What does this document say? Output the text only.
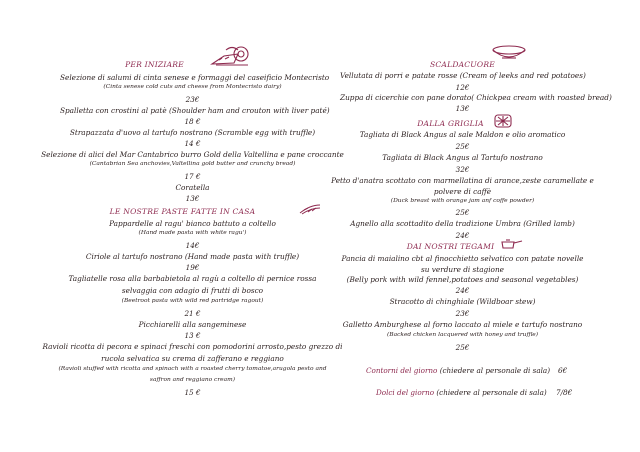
PER INIZIARE
Selezione di salumi di cinta senese e formaggi del caseificio Montecristo
(Cinta senese cold cuts and cheese from Montecristo dairy)
23€
Spalletta con crostini al patè (Shoulder ham and crouton with liver paté)
18 €
Strapazzata d'uovo al tartufo nostrano (Scramble egg with truffle)
14 €
Selezione di alici del Mar Cantabrico burro Gold della Valtellina e pane croccante
(Cantabrian Sea anchovies,Valtellina gold butter and crunchy bread)
17 €
Coratella
13€
LE NOSTRE PASTE FATTE IN CASA
Pappardelle al ragu' bianco battuto a coltello
(Hand made pasta with white ragu')
14€
Ciriole al tartufo nostrano (Hand made pasta with truffle)
19€
Tagliatelle rosa alla barbabietola al ragù a coltello di pernice rossa
selvaggia con adagio di frutti di bosco
(Beetroot pasta with wild red partridge ragout)
21 €
Picchiarelli alla sangeminese
13 €
Ravioli ricotta di pecora e spinaci freschi con pomodorini arrosto,pesto grezzo di
rucola selvatica su crema di zafferano e reggiano
(Ravioli stuffed with ricotta and spinach with a roasted cherry tomatoe,arugola pesto and
saffron and reggiano cream)
15 €
SCALDACUORE
Vellutata di porri e patate rosse (Cream of leeks and red potatoes)
12€
Zuppa di cicerchie con pane dorato( Chickpea cream with roasted bread)
13€
DALLA GRIGLIA
Tagliata di Black Angus al sale Maldon e olio aromatico
25€
Tagliata di Black Angus al Tartufo nostrano
32€
Petto d'anatra scottato con marmellatina di arance,zeste caramellate e
polvere di caffè
(Duck breast with orange jam anf coffe powder)
25€
Agnello alla scottadito della tradizione Umbra (Grilled lamb)
24€
DAI NOSTRI TEGAMI
Pancia di maialino cbt al finocchietto selvatico con patate novelle
su verdure di stagione
(Belly pork with wild fennel,potatoes and seasonal vegetables)
24€
Stracotto di chinghiale (Wildboar stew)
23€
Galletto Amburghese al forno laccato al miele e tartufo nostrano
(Backed chicken lacquered with honey and truffle)
25€
Contorni del giorno (chiedere al personale di sala) 6€
Dolci del giorno (chiedere al personale di sala) 7/8€
